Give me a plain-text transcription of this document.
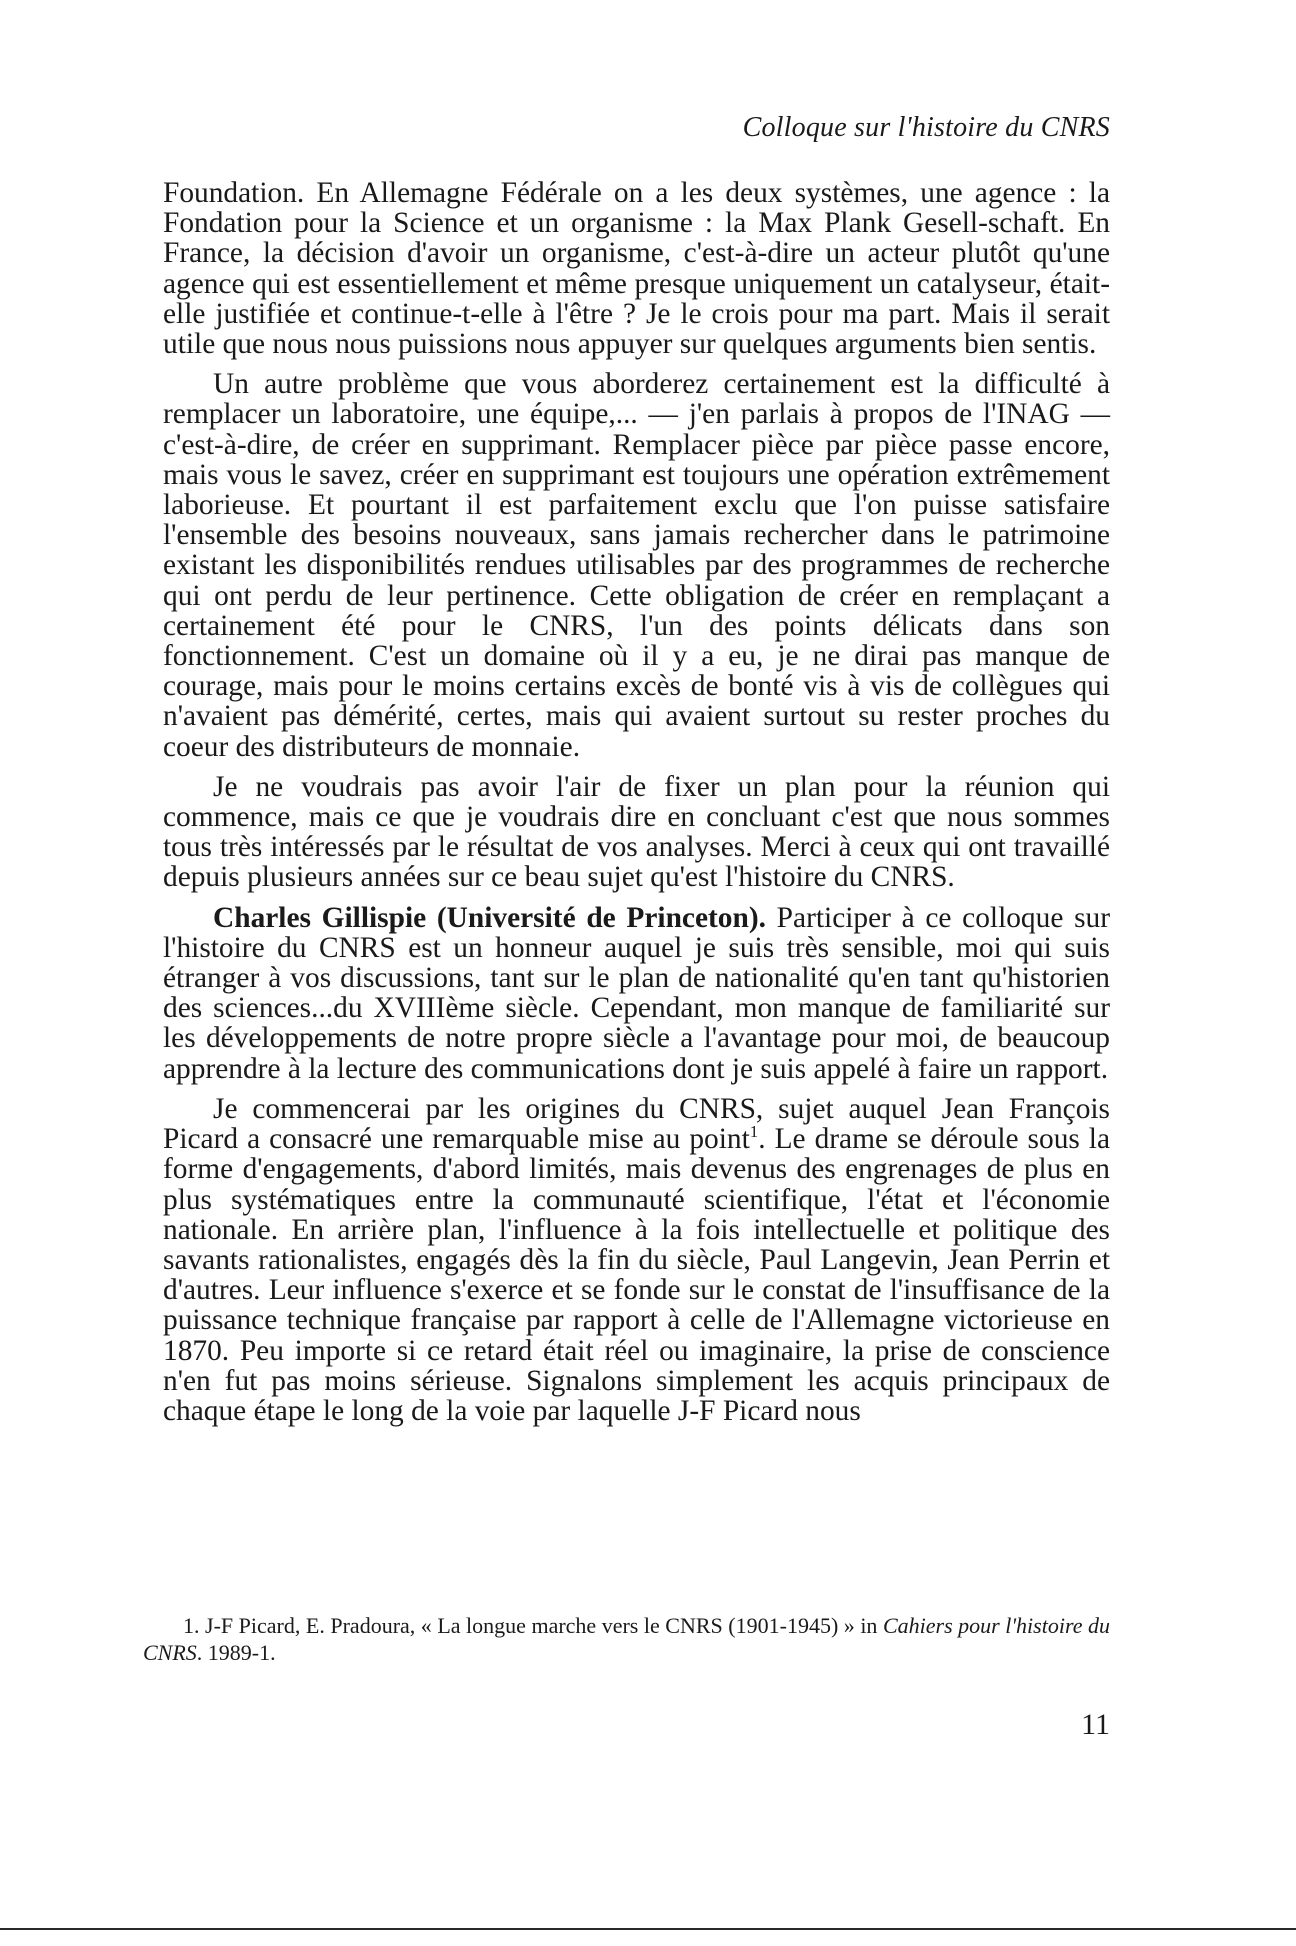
Colloque sur l'histoire du CNRS

Foundation. En Allemagne Fédérale on a les deux systèmes, une agence : la Fondation pour la Science et un organisme : la Max Plank Gesell-schaft. En France, la décision d'avoir un organisme, c'est-à-dire un acteur plutôt qu'une agence qui est essentiellement et même presque uniquement un catalyseur, était-elle justifiée et continue-t-elle à l'être ? Je le crois pour ma part. Mais il serait utile que nous nous puissions nous appuyer sur quelques arguments bien sentis.

Un autre problème que vous aborderez certainement est la difficulté à remplacer un laboratoire, une équipe,... — j'en parlais à propos de l'INAG — c'est-à-dire, de créer en supprimant. Remplacer pièce par pièce passe encore, mais vous le savez, créer en supprimant est toujours une opération extrêmement laborieuse. Et pourtant il est parfaitement exclu que l'on puisse satisfaire l'ensemble des besoins nouveaux, sans jamais rechercher dans le patrimoine existant les disponibilités rendues utilisables par des programmes de recherche qui ont perdu de leur pertinence. Cette obligation de créer en remplaçant a certainement été pour le CNRS, l'un des points délicats dans son fonctionnement. C'est un domaine où il y a eu, je ne dirai pas manque de courage, mais pour le moins certains excès de bonté vis à vis de collègues qui n'avaient pas démérité, certes, mais qui avaient surtout su rester proches du coeur des distributeurs de monnaie.

Je ne voudrais pas avoir l'air de fixer un plan pour la réunion qui commence, mais ce que je voudrais dire en concluant c'est que nous sommes tous très intéressés par le résultat de vos analyses. Merci à ceux qui ont travaillé depuis plusieurs années sur ce beau sujet qu'est l'histoire du CNRS.

Charles Gillispie (Université de Princeton). Participer à ce colloque sur l'histoire du CNRS est un honneur auquel je suis très sensible, moi qui suis étranger à vos discussions, tant sur le plan de nationalité qu'en tant qu'historien des sciences...du XVIIIème siècle. Cependant, mon manque de familiarité sur les développements de notre propre siècle a l'avantage pour moi, de beaucoup apprendre à la lecture des communications dont je suis appelé à faire un rapport.

Je commencerai par les origines du CNRS, sujet auquel Jean François Picard a consacré une remarquable mise au point$^1$. Le drame se déroule sous la forme d'engagements, d'abord limités, mais devenus des engrenages de plus en plus systématiques entre la communauté scientifique, l'état et l'économie nationale. En arrière plan, l'influence à la fois intellectuelle et politique des savants rationalistes, engagés dès la fin du siècle, Paul Langevin, Jean Perrin et d'autres. Leur influence s'exerce et se fonde sur le constat de l'insuffisance de la puissance technique française par rapport à celle de l'Allemagne victorieuse en 1870. Peu importe si ce retard était réel ou imaginaire, la prise de conscience n'en fut pas moins sérieuse. Signalons simplement les acquis principaux de chaque étape le long de la voie par laquelle J-F Picard nous

1. J-F Picard, E. Pradoura, « La longue marche vers le CNRS (1901-1945) » in Cahiers pour l'histoire du CNRS. 1989-1.

11
